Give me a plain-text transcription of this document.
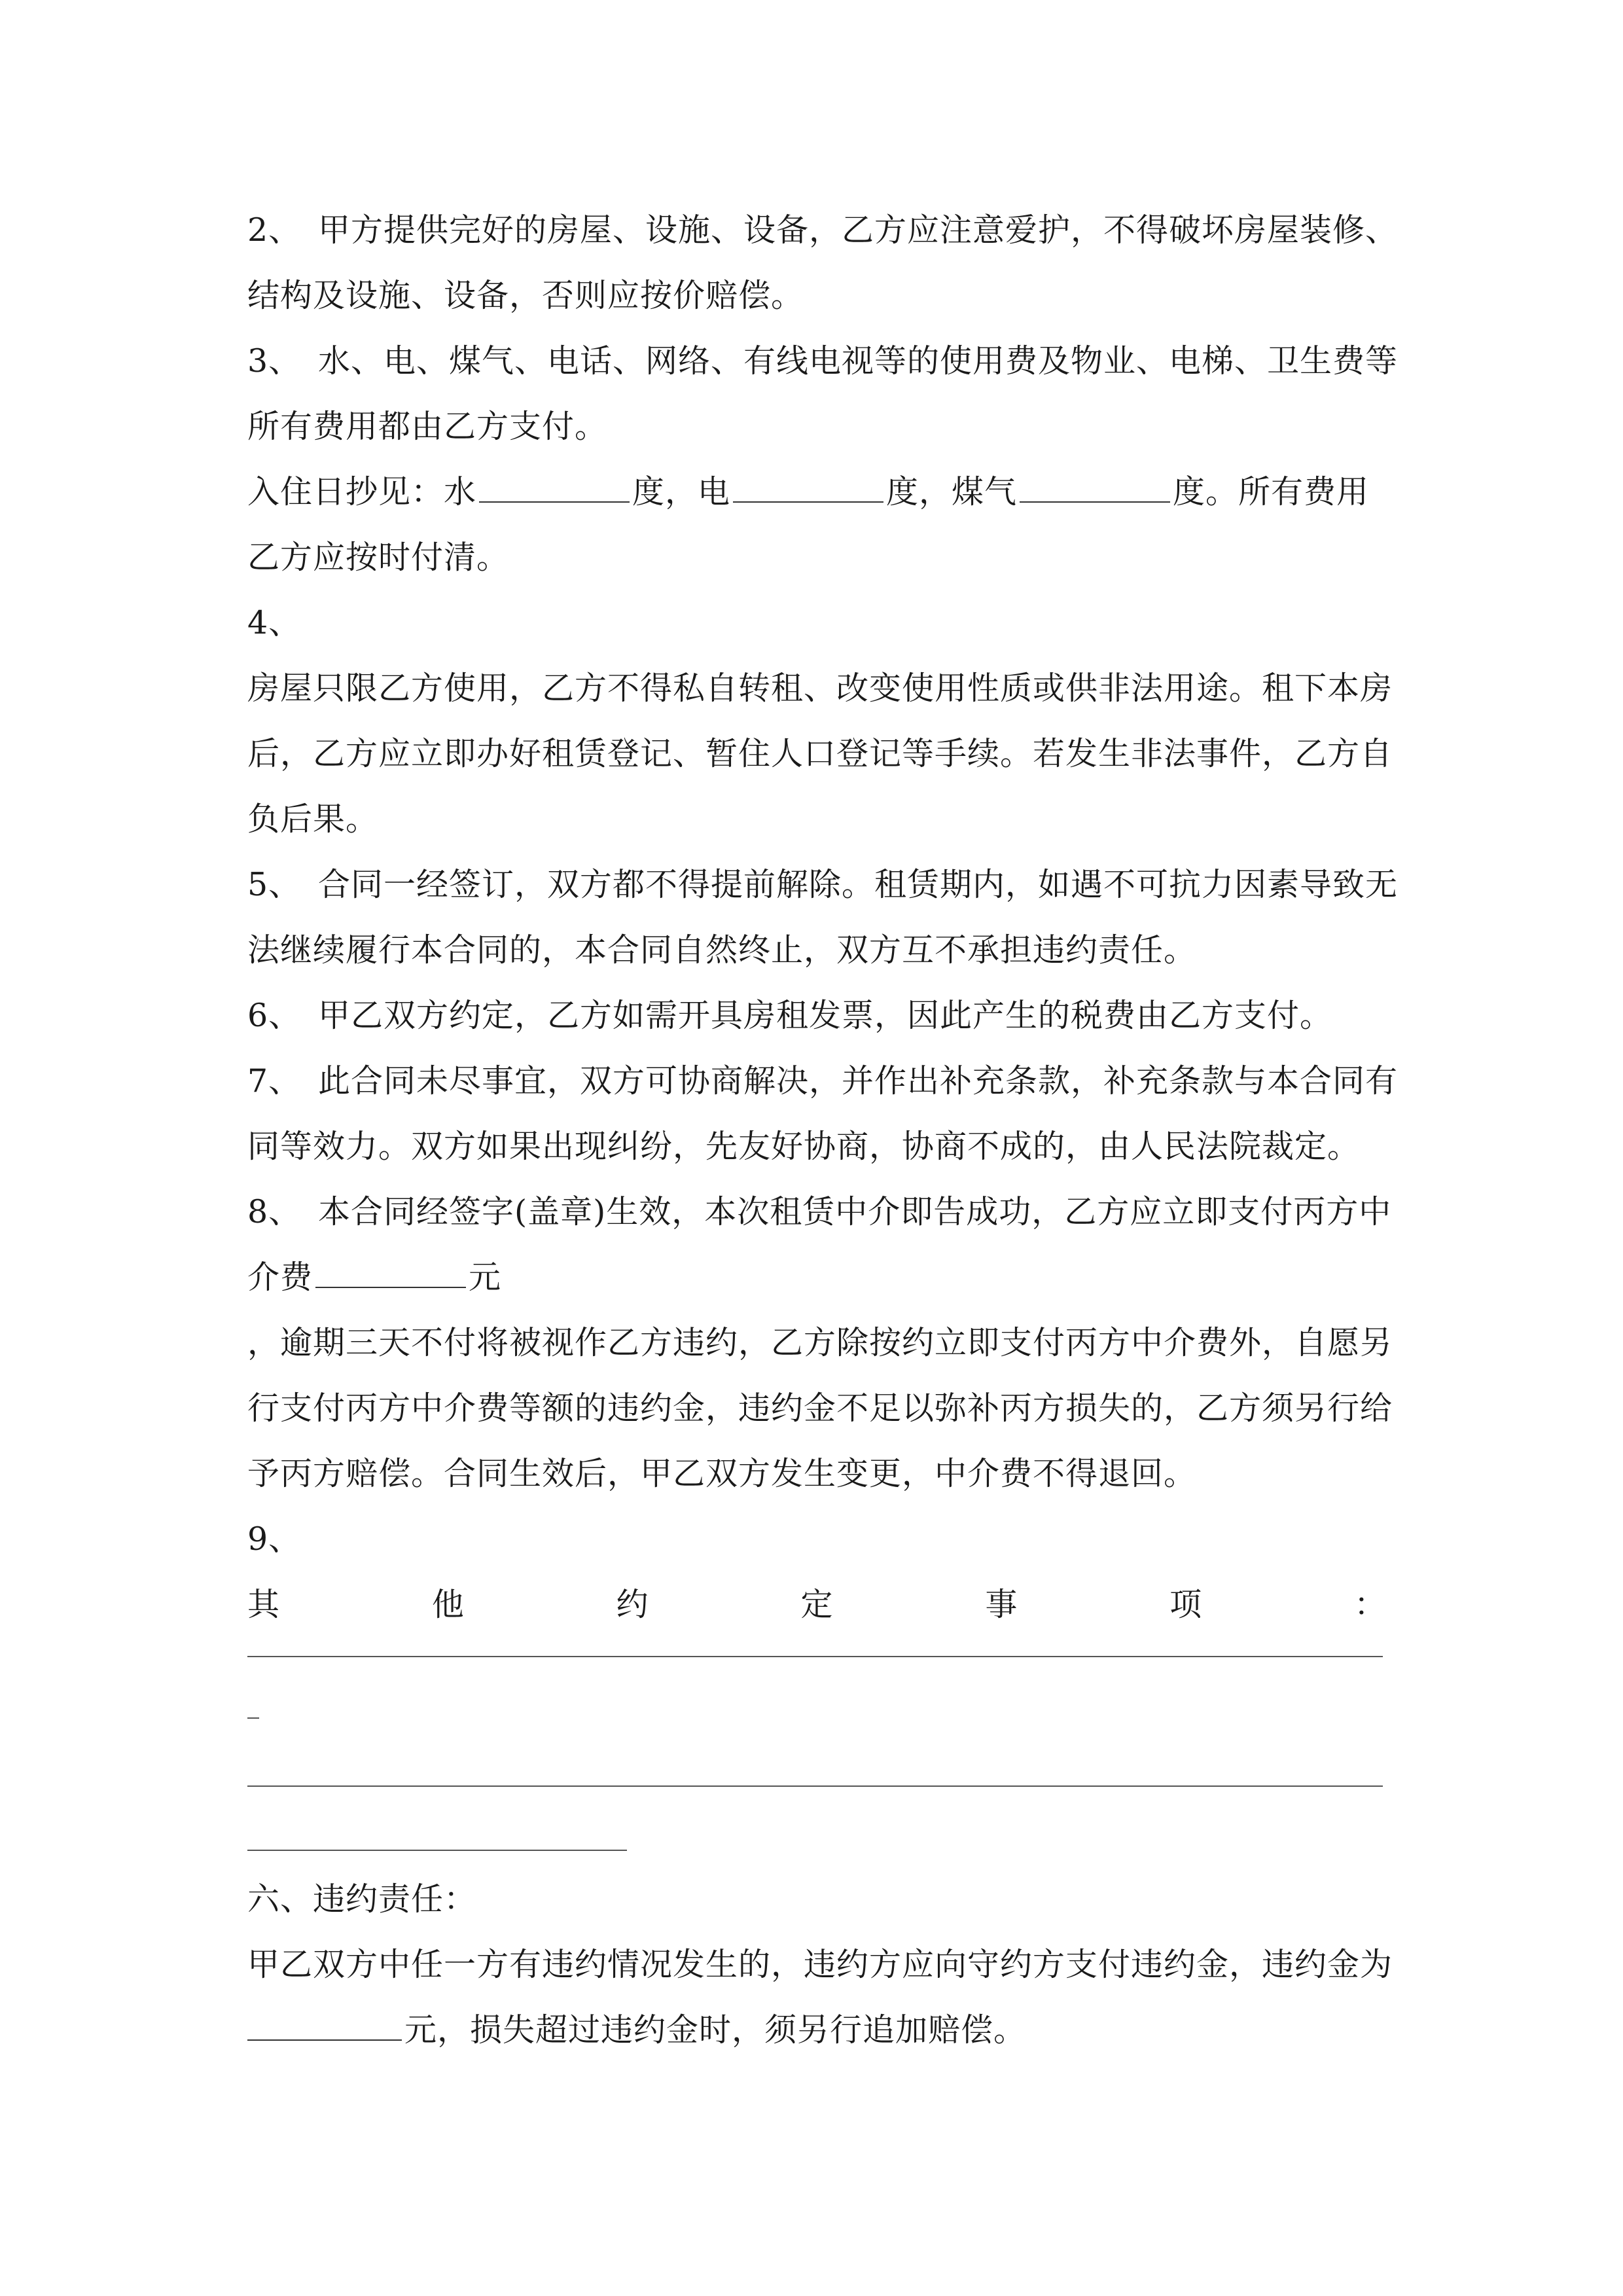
2、 甲方提供完好的房屋、设施、设备，乙方应注意爱护，不得破坏房屋装修、
结构及设施、设备，否则应按价赔偿。
3、 水、电、煤气、电话、网络、有线电视等的使用费及物业、电梯、卫生费等
所有费用都由乙方支付。
入住日抄见：水	度，电	度，煤气	度。所有费用
乙方应按时付清。
4、
房屋只限乙方使用，乙方不得私自转租、改变使用性质或供非法用途。租下本房
后，乙方应立即办好租赁登记、暂住人口登记等手续。若发生非法事件，乙方自
负后果。
5、 合同一经签订，双方都不得提前解除。租赁期内，如遇不可抗力因素导致无
法继续履行本合同的，本合同自然终止，双方互不承担违约责任。
6、 甲乙双方约定，乙方如需开具房租发票，因此产生的税费由乙方支付。
7、 此合同未尽事宜，双方可协商解决，并作出补充条款，补充条款与本合同有
同等效力。双方如果出现纠纷，先友好协商，协商不成的，由人民法院裁定。
8、 本合同经签字(盖章)生效，本次租赁中介即告成功，乙方应立即支付丙方中
介费	元
，逾期三天不付将被视作乙方违约，乙方除按约立即支付丙方中介费外，自愿另
行支付丙方中介费等额的违约金，违约金不足以弥补丙方损失的，乙方须另行给
予丙方赔偿。合同生效后，甲乙双方发生变更，中介费不得退回。
9、
其	他	约	定	事	项	：
六、违约责任：
甲乙双方中任一方有违约情况发生的，违约方应向守约方支付违约金，违约金为
元，损失超过违约金时，须另行追加赔偿。
